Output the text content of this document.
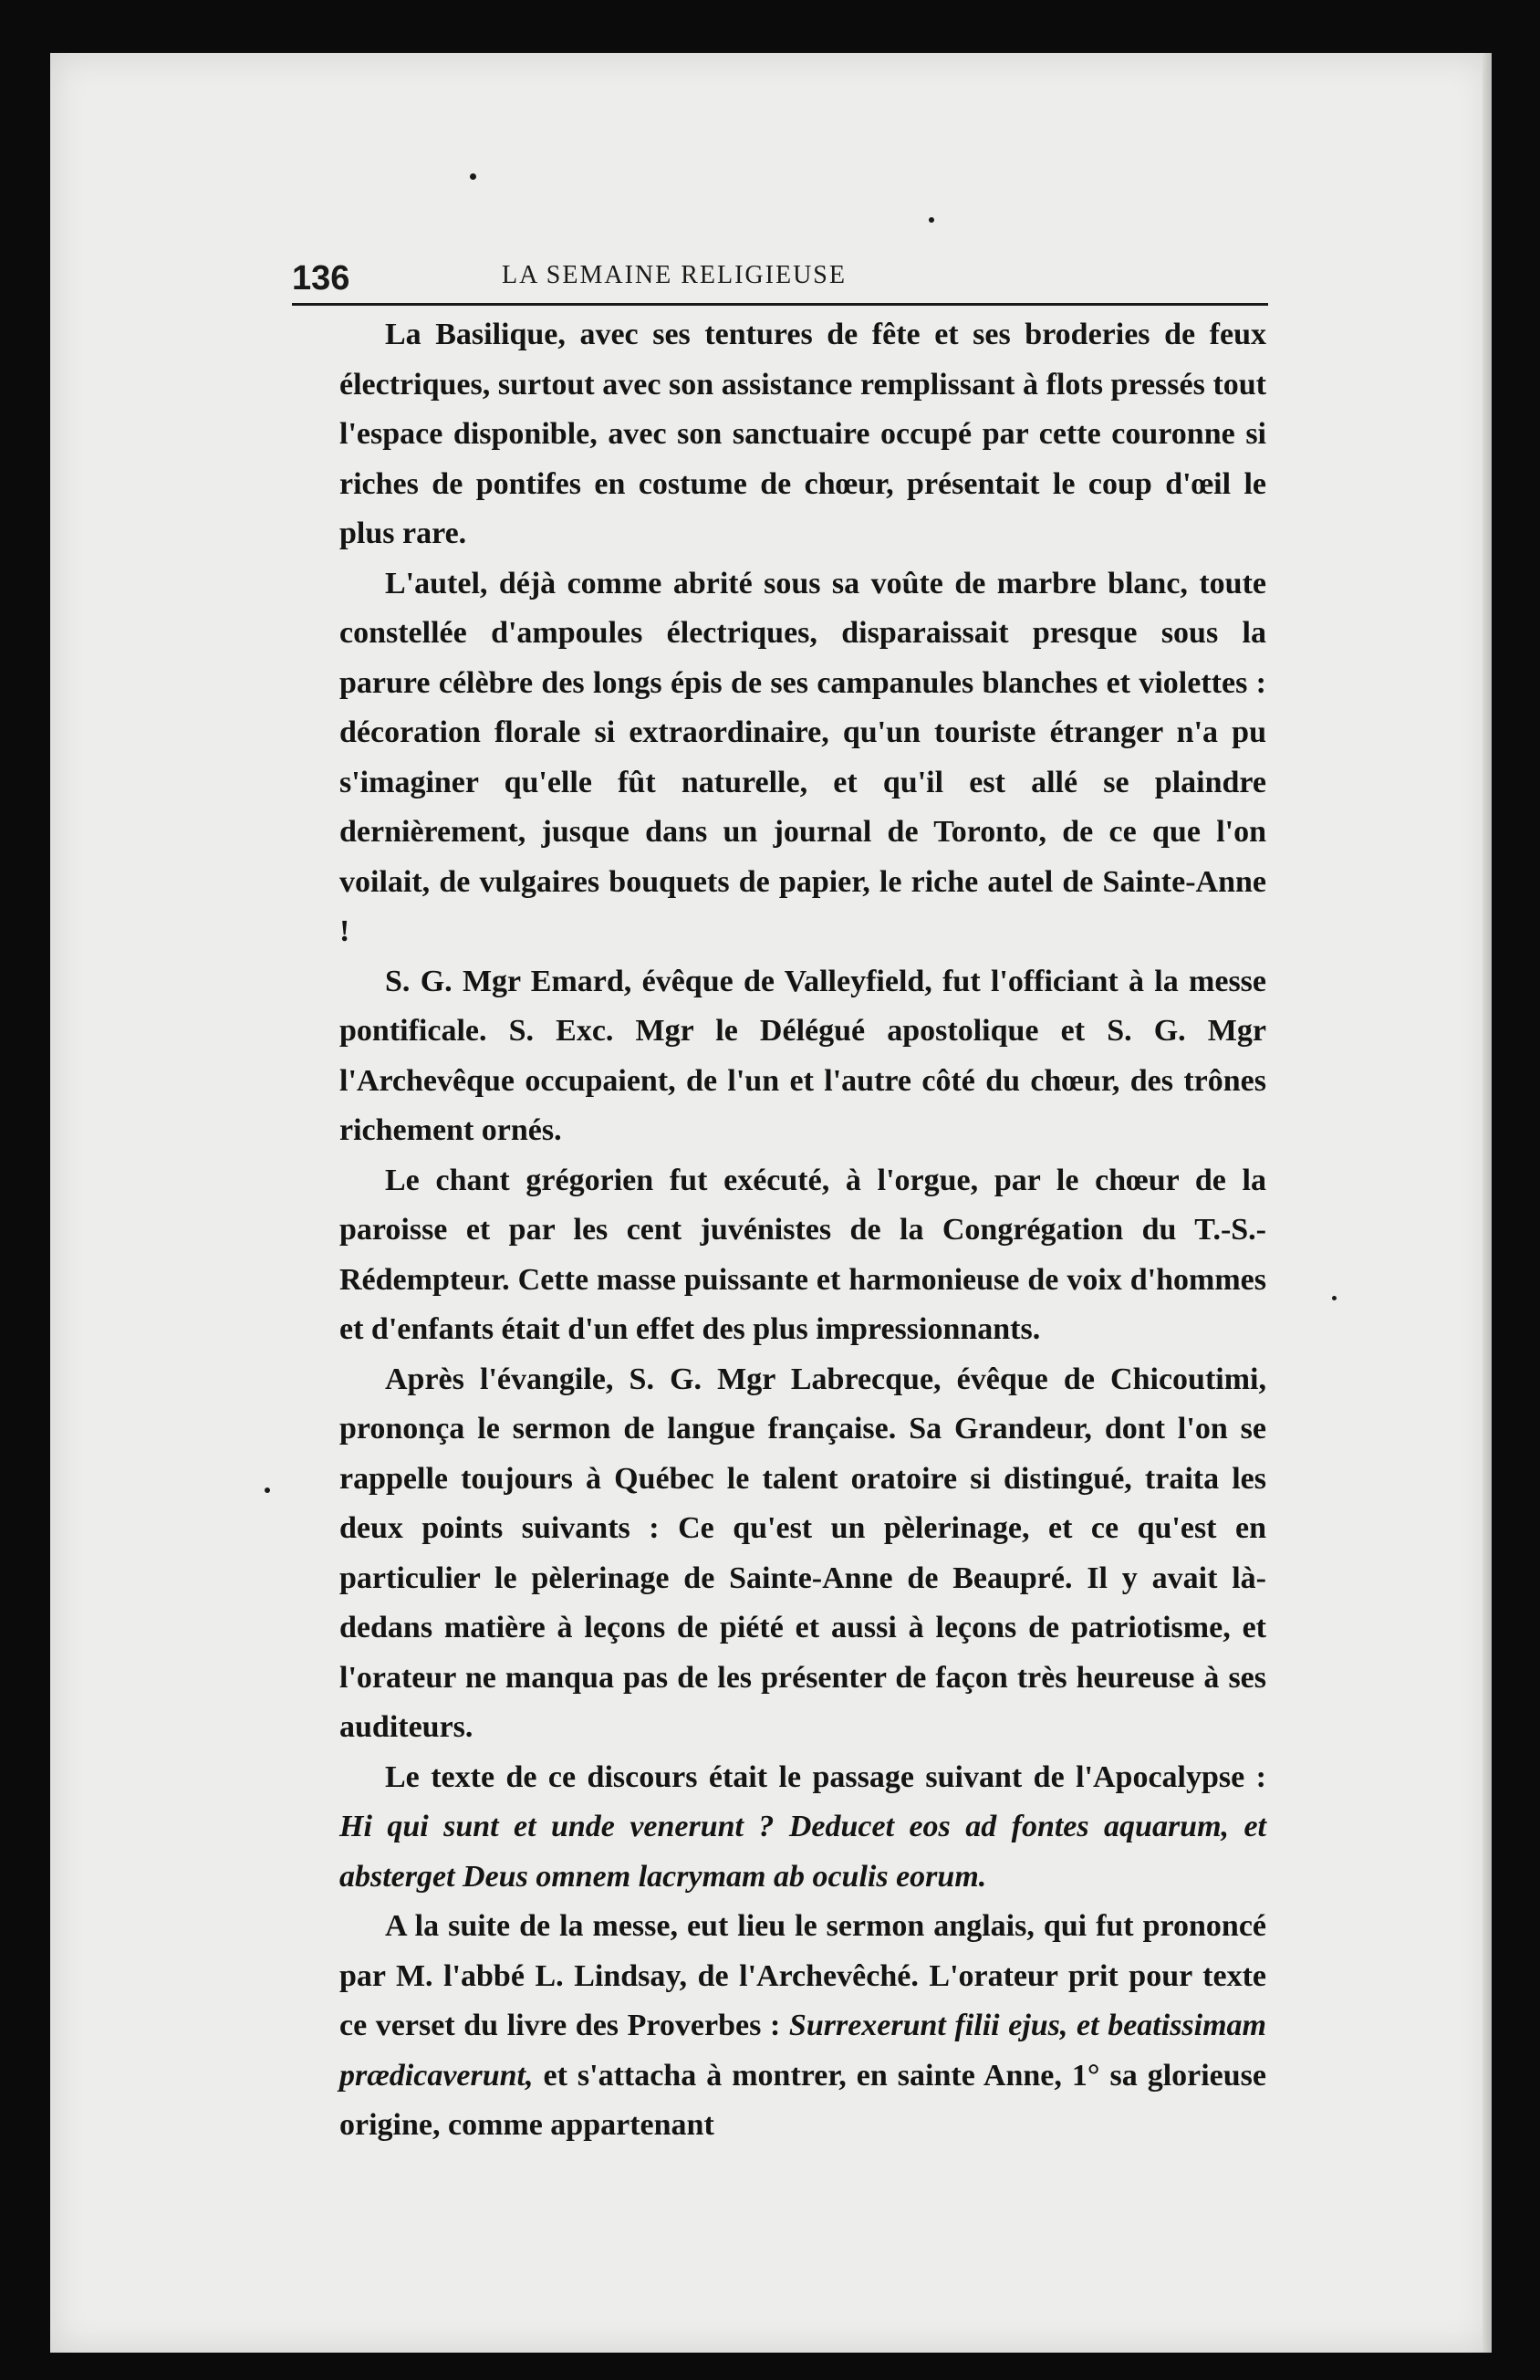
136	LA SEMAINE RELIGIEUSE

La Basilique, avec ses tentures de fête et ses broderies de feux électriques, surtout avec son assistance remplissant à flots pressés tout l'espace disponible, avec son sanctuaire occupé par cette couronne si riches de pontifes en costume de chœur, présentait le coup d'œil le plus rare.

L'autel, déjà comme abrité sous sa voûte de marbre blanc, toute constellée d'ampoules électriques, disparaissait presque sous la parure célèbre des longs épis de ses campanules blanches et violettes : décoration florale si extraordinaire, qu'un touriste étranger n'a pu s'imaginer qu'elle fût naturelle, et qu'il est allé se plaindre dernièrement, jusque dans un journal de Toronto, de ce que l'on voilait, de vulgaires bouquets de papier, le riche autel de Sainte-Anne !

S. G. Mgr Emard, évêque de Valleyfield, fut l'officiant à la messe pontificale. S. Exc. Mgr le Délégué apostolique et S. G. Mgr l'Archevêque occupaient, de l'un et l'autre côté du chœur, des trônes richement ornés.

Le chant grégorien fut exécuté, à l'orgue, par le chœur de la paroisse et par les cent juvénistes de la Congrégation du T.-S.-Rédempteur. Cette masse puissante et harmonieuse de voix d'hommes et d'enfants était d'un effet des plus impressionnants.

Après l'évangile, S. G. Mgr Labrecque, évêque de Chicoutimi, prononça le sermon de langue française. Sa Grandeur, dont l'on se rappelle toujours à Québec le talent oratoire si distingué, traita les deux points suivants : Ce qu'est un pèlerinage, et ce qu'est en particulier le pèlerinage de Sainte-Anne de Beaupré. Il y avait là-dedans matière à leçons de piété et aussi à leçons de patriotisme, et l'orateur ne manqua pas de les présenter de façon très heureuse à ses auditeurs.

Le texte de ce discours était le passage suivant de l'Apocalypse : Hi qui sunt et unde venerunt ? Deducet eos ad fontes aquarum, et absterget Deus omnem lacrymam ab oculis eorum.

A la suite de la messe, eut lieu le sermon anglais, qui fut prononcé par M. l'abbé L. Lindsay, de l'Archevêché. L'orateur prit pour texte ce verset du livre des Proverbes : Surrexerunt filii ejus, et beatissimam prædicaverunt, et s'attacha à montrer, en sainte Anne, 1° sa glorieuse origine, comme appartenant
